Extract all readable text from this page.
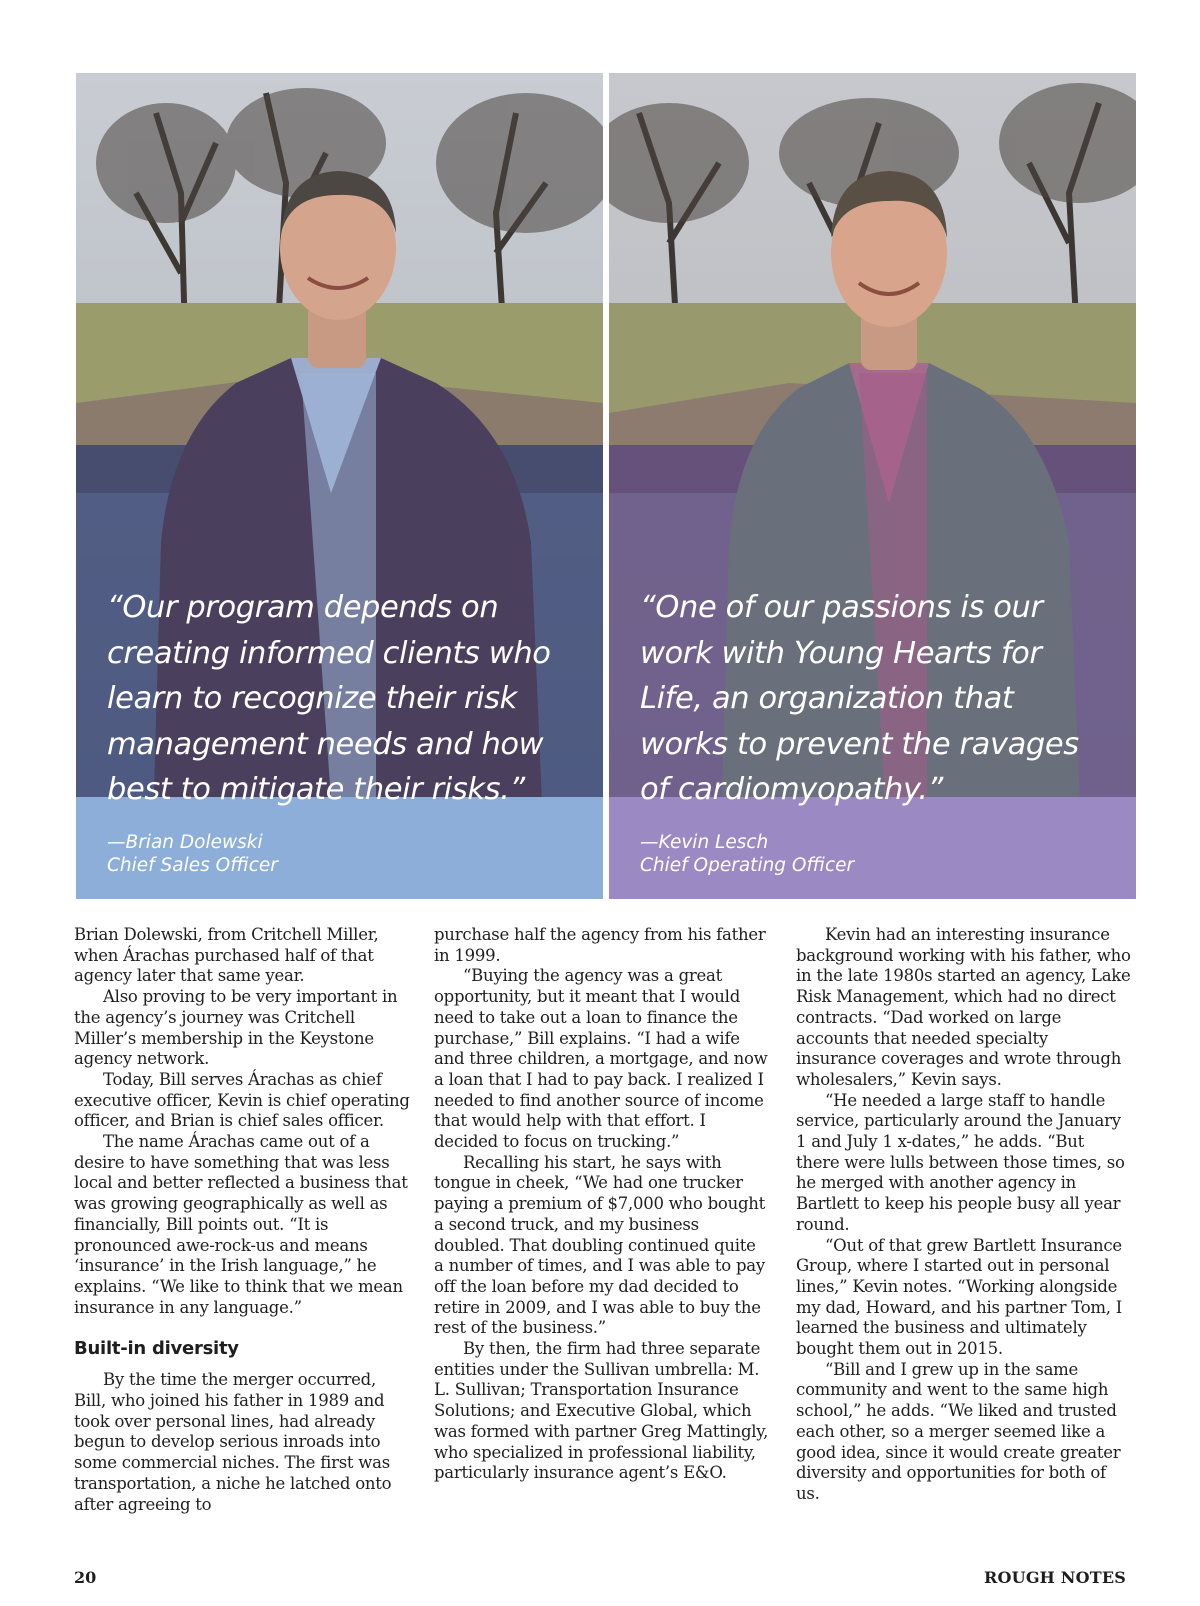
“Our program depends on creating informed clients who learn to recognize their risk management needs and how best to mitigate their risks.”
—Brian Dolewski
Chief Sales Officer
“One of our passions is our work with Young Hearts for Life, an organization that works to prevent the ravages of cardiomyopathy.”
—Kevin Lesch
Chief Operating Officer

Brian Dolewski, from Critchell Miller, when Árachas purchased half of that agency later that same year.

Also proving to be very important in the agency’s journey was Critchell Miller’s membership in the Keystone agency network.

Today, Bill serves Árachas as chief executive officer, Kevin is chief operating officer, and Brian is chief sales officer.

The name Árachas came out of a desire to have something that was less local and better reflected a business that was growing geographically as well as financially, Bill points out. “It is pronounced awe-rock-us and means ‘insurance’ in the Irish language,” he explains. “We like to think that we mean insurance in any language.”

Built-in diversity

By the time the merger occurred, Bill, who joined his father in 1989 and took over personal lines, had already begun to develop serious inroads into some commercial niches. The first was transportation, a niche he latched onto after agreeing to

purchase half the agency from his father in 1999.

“Buying the agency was a great opportunity, but it meant that I would need to take out a loan to finance the purchase,” Bill explains. “I had a wife and three children, a mortgage, and now a loan that I had to pay back. I realized I needed to find another source of income that would help with that effort. I decided to focus on trucking.”

Recalling his start, he says with tongue in cheek, “We had one trucker paying a premium of $7,000 who bought a second truck, and my business doubled. That doubling continued quite a number of times, and I was able to pay off the loan before my dad decided to retire in 2009, and I was able to buy the rest of the business.”

By then, the firm had three separate entities under the Sullivan umbrella: M. L. Sullivan; Transportation Insurance Solutions; and Executive Global, which was formed with partner Greg Mattingly, who specialized in professional liability, particularly insurance agent’s E&O.

Kevin had an interesting insurance background working with his father, who in the late 1980s started an agency, Lake Risk Management, which had no direct contracts. “Dad worked on large accounts that needed specialty insurance coverages and wrote through wholesalers,” Kevin says.

“He needed a large staff to handle service, particularly around the January 1 and July 1 x-dates,” he adds. “But there were lulls between those times, so he merged with another agency in Bartlett to keep his people busy all year round.

“Out of that grew Bartlett Insurance Group, where I started out in personal lines,” Kevin notes. “Working alongside my dad, Howard, and his partner Tom, I learned the business and ultimately bought them out in 2015.

“Bill and I grew up in the same community and went to the same high school,” he adds. “We liked and trusted each other, so a merger seemed like a good idea, since it would create greater diversity and opportunities for both of us.

20	ROUGH NOTES
